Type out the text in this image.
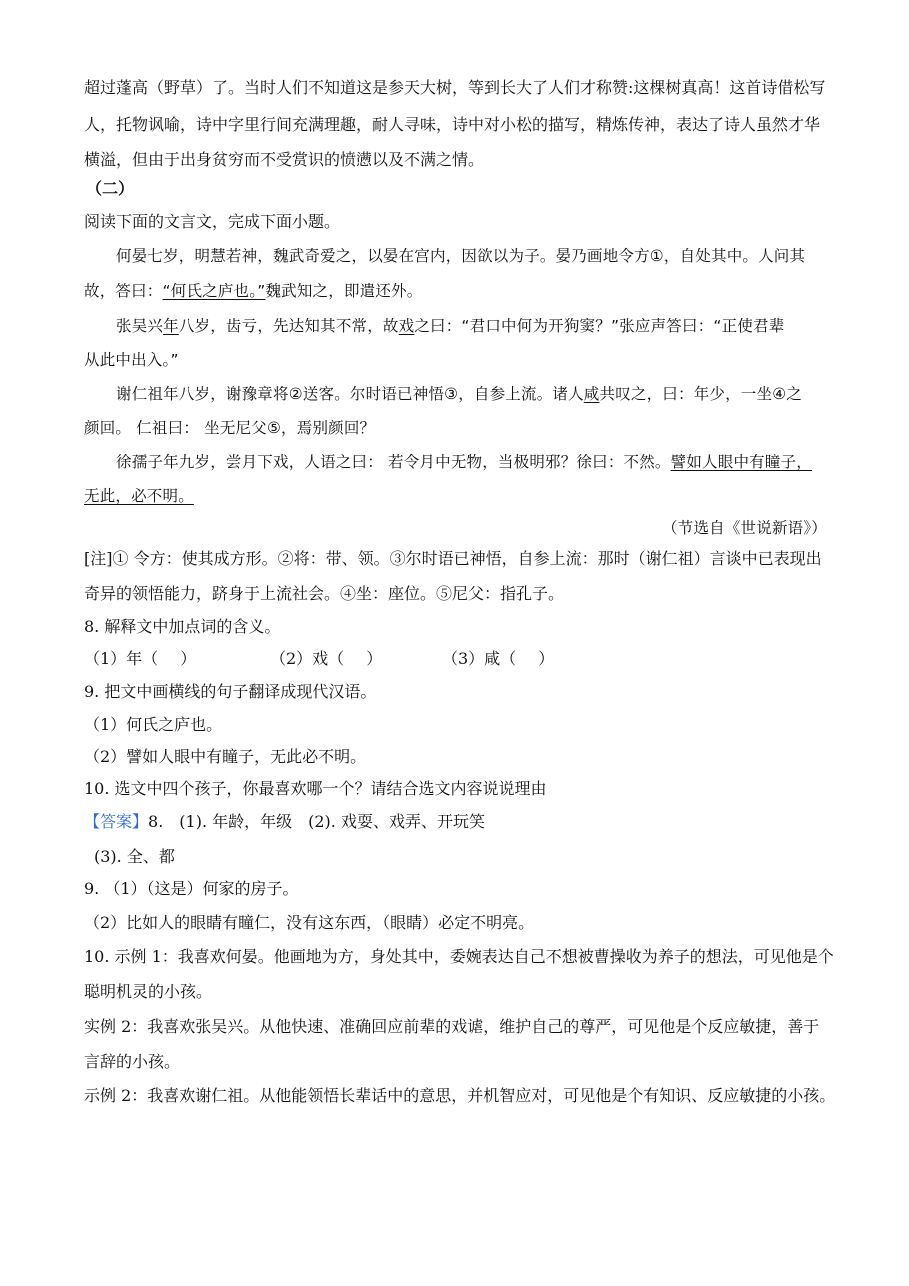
超过蓬高（野草）了。当时人们不知道这是参天大树，等到长大了人们才称赞:这棵树真高！这首诗借松写
人，托物讽喻，诗中字里行间充满理趣，耐人寻味，诗中对小松的描写，精炼传神，表达了诗人虽然才华
横溢，但由于出身贫穷而不受赏识的愤懑以及不满之情。
（二）
阅读下面的文言文，完成下面小题。
何晏七岁，明慧若神，魏武奇爱之，以晏在宫内，因欲以为子。晏乃画地令方①，自处其中。人问其
故，答曰：“何氏之庐也。”魏武知之，即遣还外。
张吴兴年八岁，齿亏，先达知其不常，故戏之曰：“君口中何为开狗窦？”张应声答曰：“正使君辈
从此中出入。”
谢仁祖年八岁，谢豫章将②送客。尔时语已神悟③，自参上流。诸人咸共叹之，曰：年少，一坐④之
颜回。 仁祖曰： 坐无尼父⑤，焉别颜回？
徐孺子年九岁，尝月下戏，人语之曰： 若令月中无物，当极明邪？徐曰：不然。譬如人眼中有瞳子，
无此，必不明。
（节选自《世说新语》）
[注]① 令方：使其成方形。②将：带、领。③尔时语已神悟，自参上流：那时（谢仁祖）言谈中已表现出
奇异的领悟能力，跻身于上流社会。④坐：座位。⑤尼父：指孔子。
8. 解释文中加点词的含义。
（1）年（ ）	（2）戏（ ）	（3）咸（ ）
9. 把文中画横线的句子翻译成现代汉语。
（1）何氏之庐也。
（2）譬如人眼中有瞳子，无此必不明。
10. 选文中四个孩子，你最喜欢哪一个？请结合选文内容说说理由
【答案】8.　(1). 年龄，年级　(2). 戏耍、戏弄、开玩笑
(3). 全、都
9. （1）（这是）何家的房子。
（2）比如人的眼睛有瞳仁，没有这东西，（眼睛）必定不明亮。
10. 示例 1：我喜欢何晏。他画地为方，身处其中，委婉表达自己不想被曹操收为养子的想法，可见他是个
聪明机灵的小孩。
实例 2：我喜欢张吴兴。从他快速、准确回应前辈的戏谑，维护自己的尊严，可见他是个反应敏捷，善于
言辞的小孩。
示例 2：我喜欢谢仁祖。从他能领悟长辈话中的意思，并机智应对，可见他是个有知识、反应敏捷的小孩。
